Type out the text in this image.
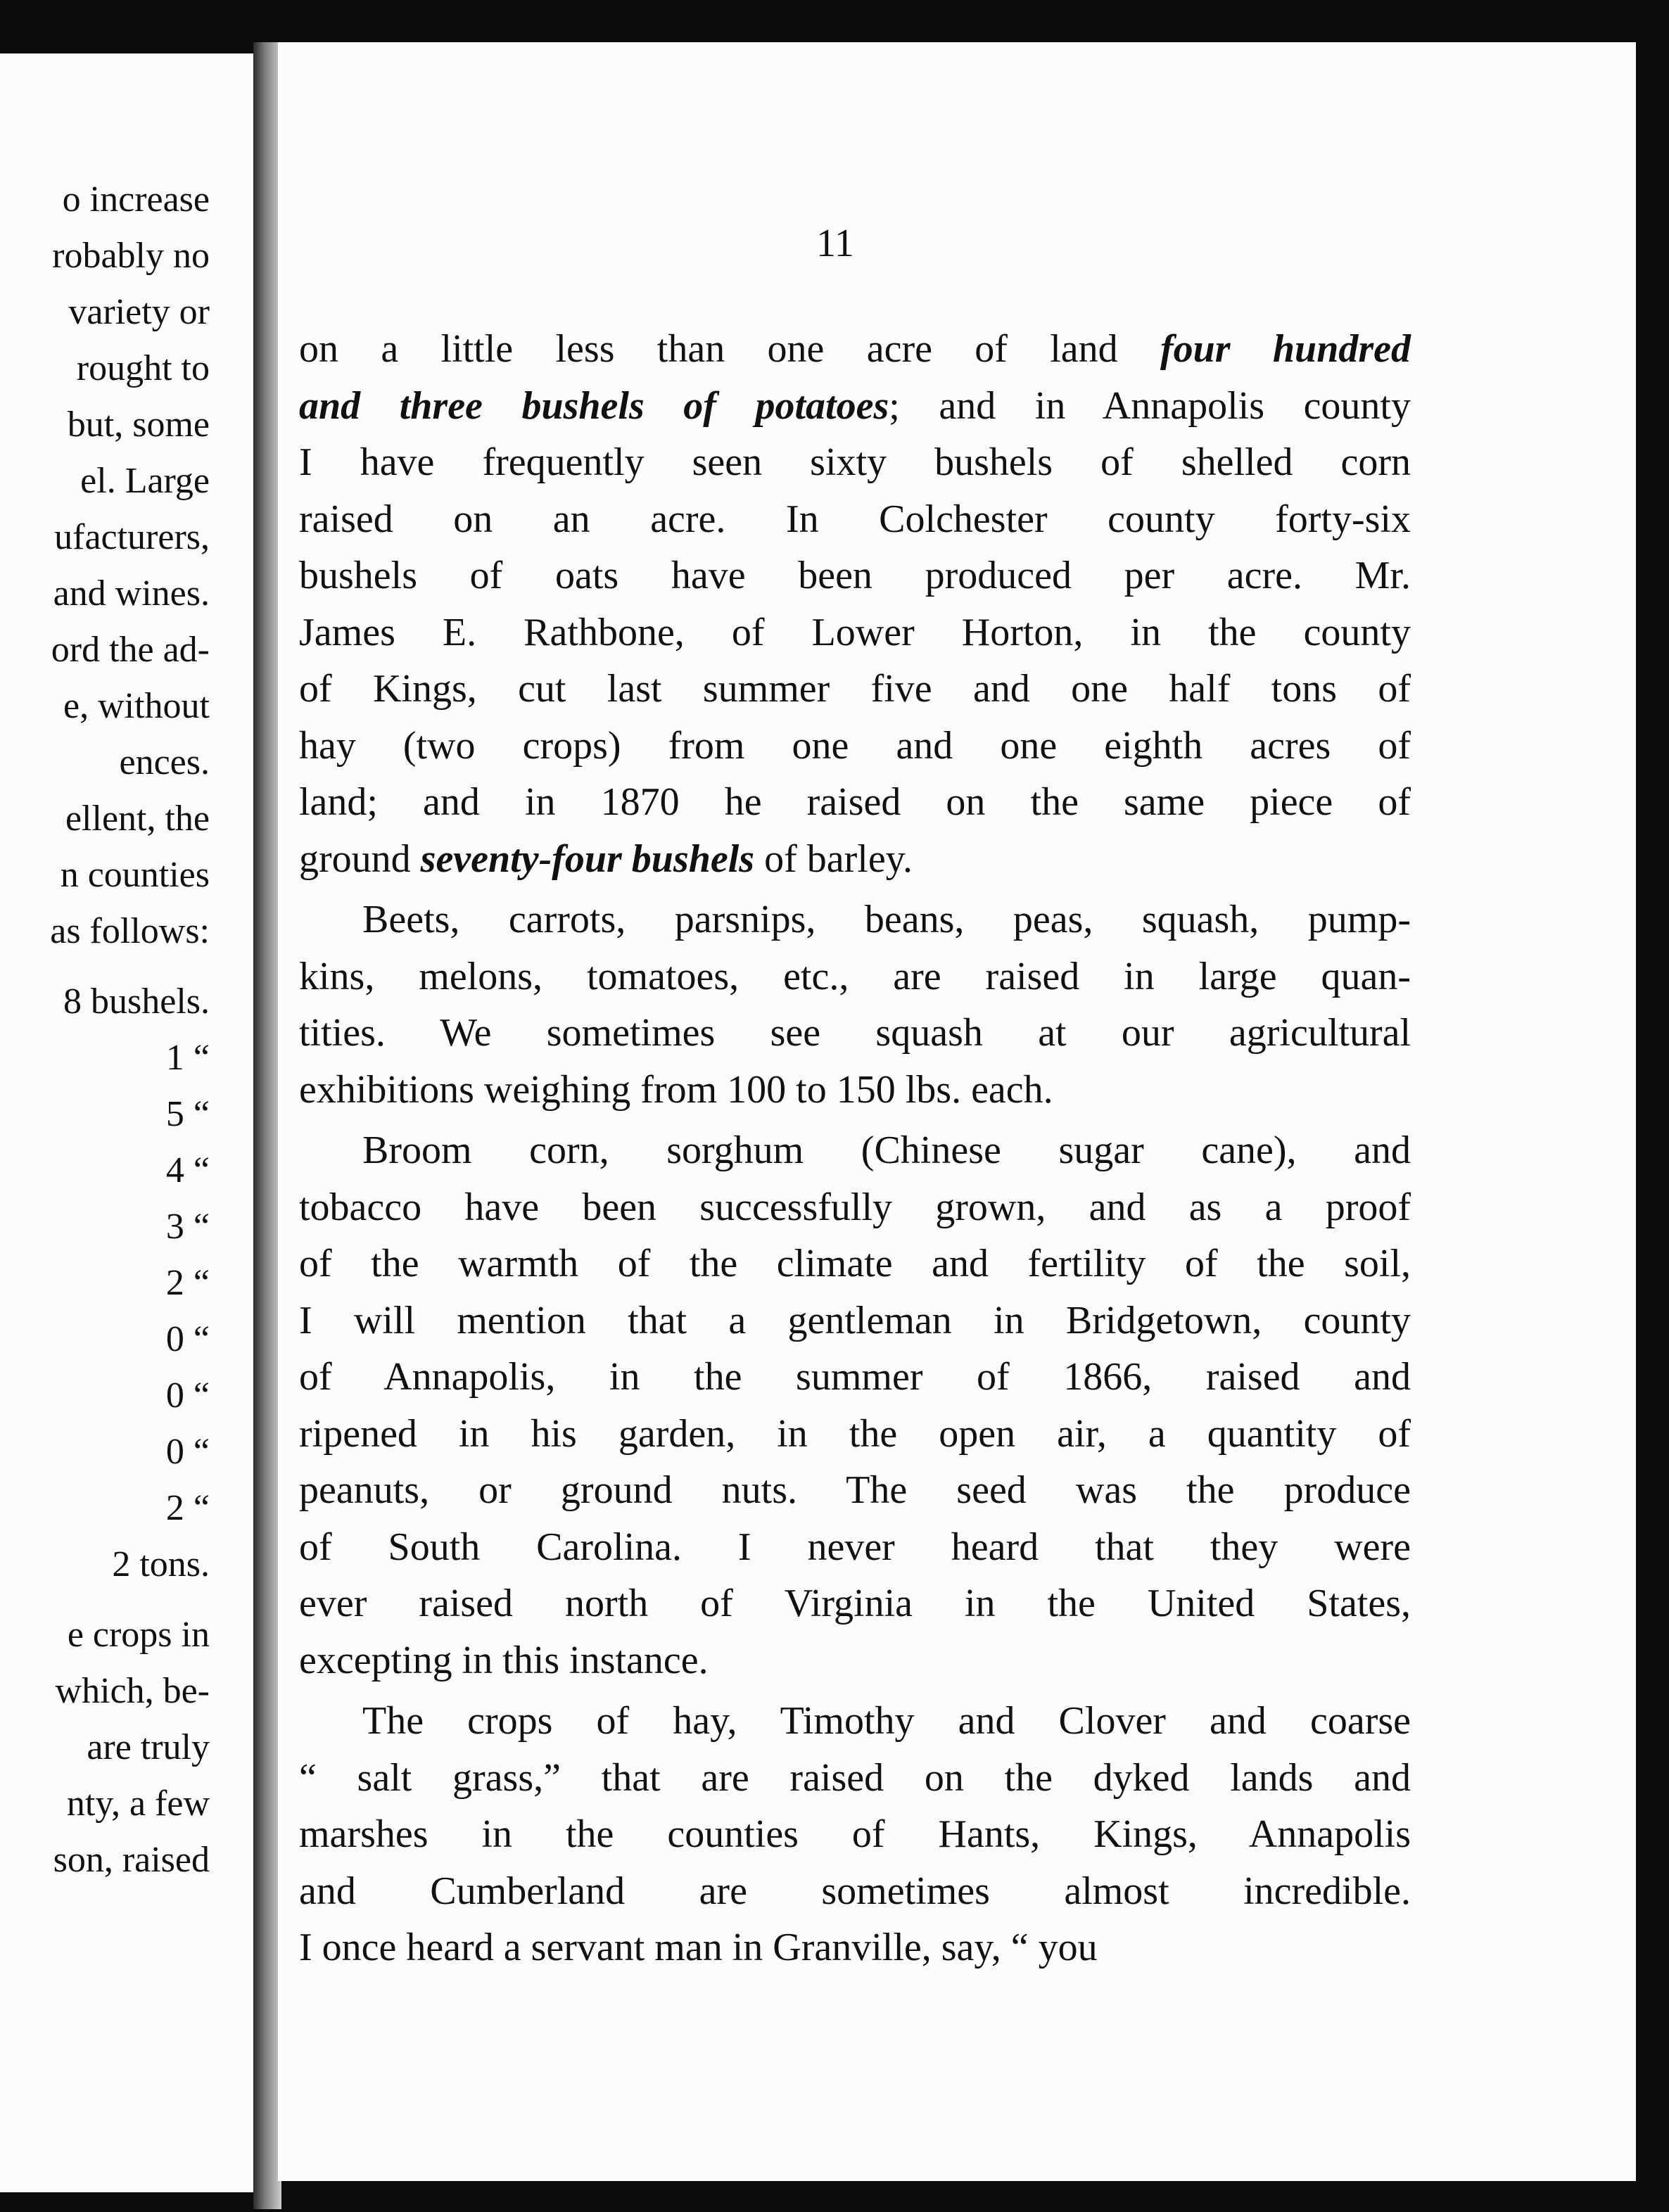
o increase
robably no
variety or
rought to
but, some
el. Large
ufacturers,
and wines.
ord the ad-
e, without
ences.
ellent, the
n counties
as follows:
8 bushels.
1 “
5 “
4 “
3 “
2 “
0 “
0 “
0 “
2 “
2 tons.
e crops in
which, be-
are truly
nty, a few
son, raised
11
on a little less than one acre of land four hundred
and three bushels of potatoes; and in Annapolis county
I have frequently seen sixty bushels of shelled corn
raised on an acre. In Colchester county forty-six
bushels of oats have been produced per acre. Mr.
James E. Rathbone, of Lower Horton, in the county
of Kings, cut last summer five and one half tons of
hay (two crops) from one and one eighth acres of
land; and in 1870 he raised on the same piece of
ground seventy-four bushels of barley.
Beets, carrots, parsnips, beans, peas, squash, pump-
kins, melons, tomatoes, etc., are raised in large quan-
tities. We sometimes see squash at our agricultural
exhibitions weighing from 100 to 150 lbs. each.
Broom corn, sorghum (Chinese sugar cane), and
tobacco have been successfully grown, and as a proof
of the warmth of the climate and fertility of the soil,
I will mention that a gentleman in Bridgetown, county
of Annapolis, in the summer of 1866, raised and
ripened in his garden, in the open air, a quantity of
peanuts, or ground nuts. The seed was the produce
of South Carolina. I never heard that they were
ever raised north of Virginia in the United States,
excepting in this instance.
The crops of hay, Timothy and Clover and coarse
“ salt grass,” that are raised on the dyked lands and
marshes in the counties of Hants, Kings, Annapolis
and Cumberland are sometimes almost incredible.
I once heard a servant man in Granville, say, “ you
